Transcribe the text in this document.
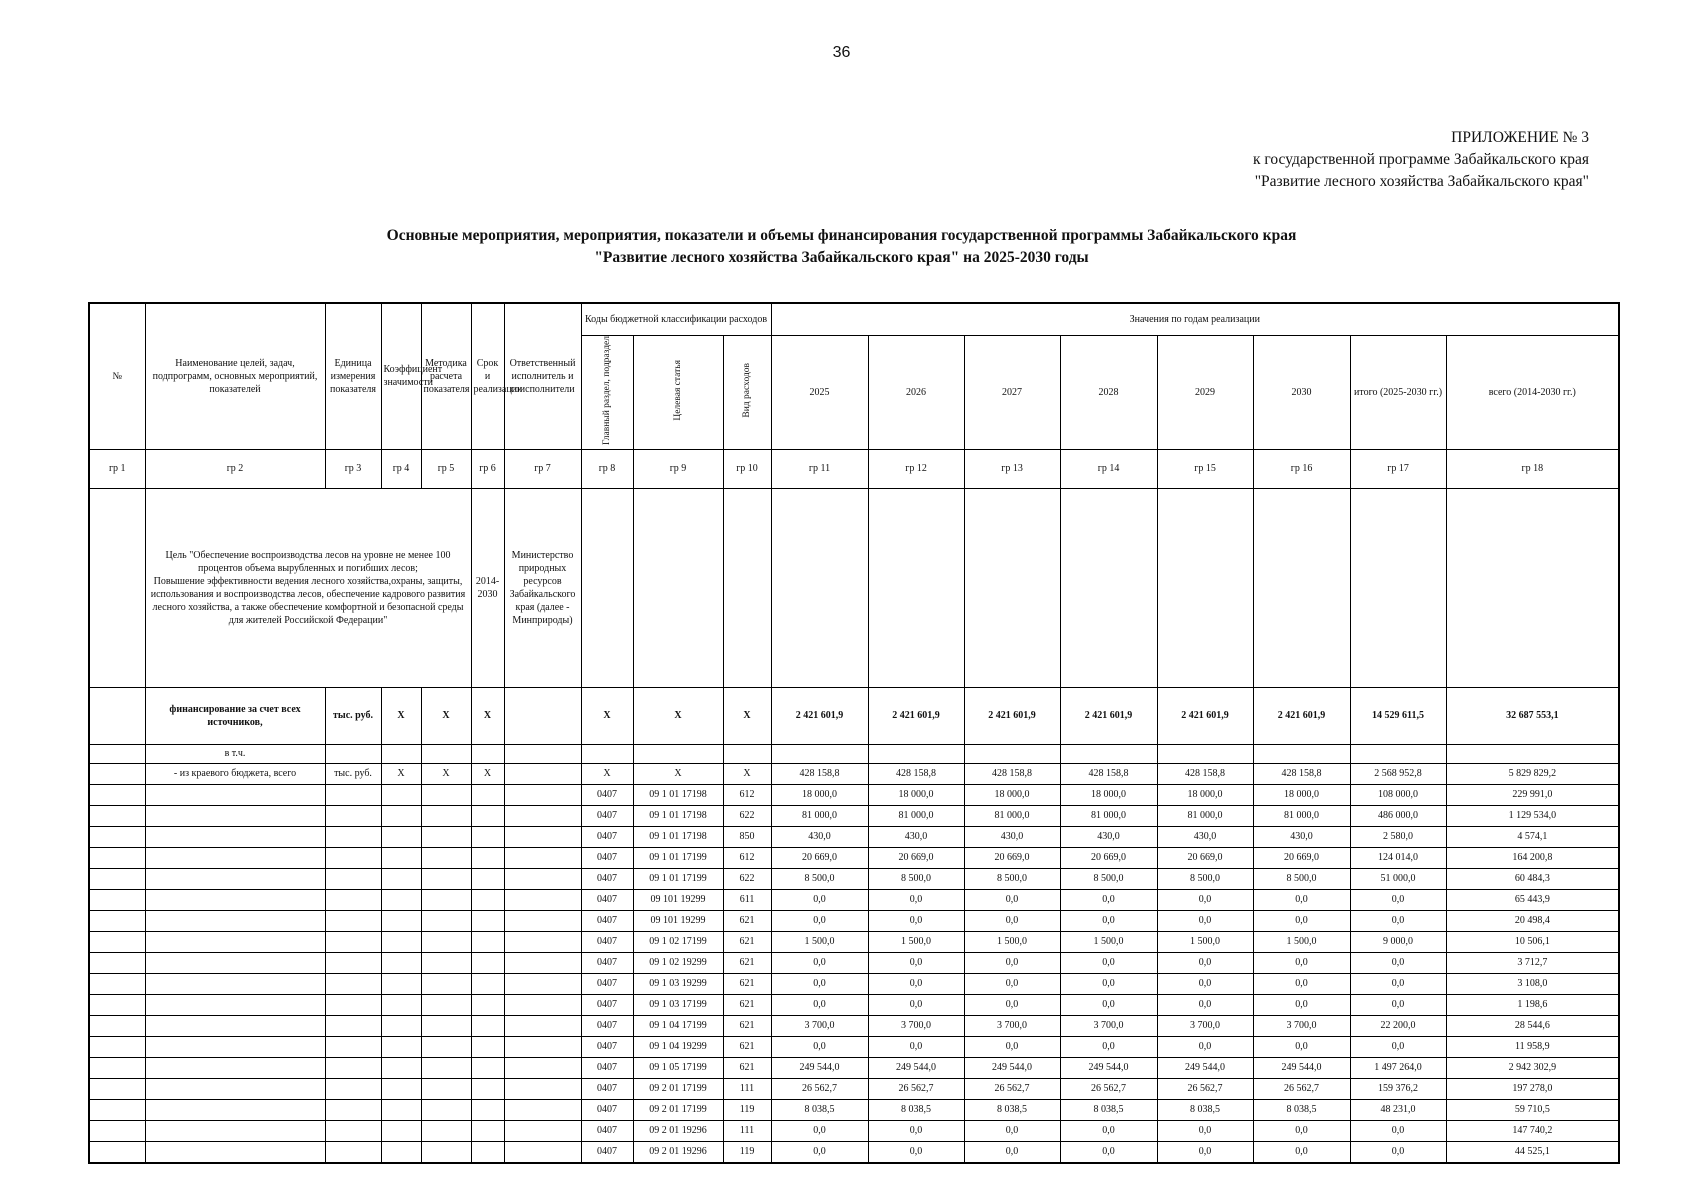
36
ПРИЛОЖЕНИЕ № 3
к государственной программе Забайкальского края
"Развитие лесного хозяйства Забайкальского края"
Основные мероприятия, мероприятия, показатели и объемы финансирования государственной программы Забайкальского края
"Развитие лесного хозяйства Забайкальского края" на 2025-2030 годы
№	Наименование целей, задач, подпрограмм, основных мероприятий, показателей	Единица измерения показателя	Коэффициент значимости	Методика расчета показателя	Срок и реализации	Ответственный исполнитель и соисполнители	Коды бюджетной классификации расходов			Значения по годам реализации							
							Главный раздел, подраздел	Целевая статья	Вид расходов	2025	2026	2027	2028	2029	2030	итого (2025-2030 гг.)	всего (2014-2030 гг.)
гр 1	гр 2	гр 3	гр 4	гр 5	гр 6	гр 7	гр 8	гр 9	гр 10	гр 11	гр 12	гр 13	гр 14	гр 15	гр 16	гр 17	гр 18

	Цель "Обеспечение воспроизводства лесов на уровне не менее 100 процентов объема вырубленных и погибших лесов;
Повышение эффективности ведения лесного хозяйства,охраны, защиты, использования и воспроизводства лесов, обеспечение кадрового развития лесного хозяйства, а также обеспечение комфортной и безопасной среды для жителей Российской Федерации"				2014-2030	Министерство природных ресурсов Забайкальского края (далее - Минприроды)											
	финансирование за счет всех источников,	тыс. руб.	Х	Х	Х		Х	Х	Х	2 421 601,9	2 421 601,9	2 421 601,9	2 421 601,9	2 421 601,9	2 421 601,9	14 529 611,5	32 687 553,1
	в т.ч.																
	- из краевого бюджета, всего	тыс. руб.	Х	Х	Х		Х	Х	Х	428 158,8	428 158,8	428 158,8	428 158,8	428 158,8	428 158,8	2 568 952,8	5 829 829,2
							0407	09 1 01 17198	612	18 000,0	18 000,0	18 000,0	18 000,0	18 000,0	18 000,0	108 000,0	229 991,0
							0407	09 1 01 17198	622	81 000,0	81 000,0	81 000,0	81 000,0	81 000,0	81 000,0	486 000,0	1 129 534,0
							0407	09 1 01 17198	850	430,0	430,0	430,0	430,0	430,0	430,0	2 580,0	4 574,1
							0407	09 1 01 17199	612	20 669,0	20 669,0	20 669,0	20 669,0	20 669,0	20 669,0	124 014,0	164 200,8
							0407	09 1 01 17199	622	8 500,0	8 500,0	8 500,0	8 500,0	8 500,0	8 500,0	51 000,0	60 484,3
							0407	09 101 19299	611	0,0	0,0	0,0	0,0	0,0	0,0	0,0	65 443,9
							0407	09 101 19299	621	0,0	0,0	0,0	0,0	0,0	0,0	0,0	20 498,4
							0407	09 1 02 17199	621	1 500,0	1 500,0	1 500,0	1 500,0	1 500,0	1 500,0	9 000,0	10 506,1
							0407	09 1 02 19299	621	0,0	0,0	0,0	0,0	0,0	0,0	0,0	3 712,7
							0407	09 1 03 19299	621	0,0	0,0	0,0	0,0	0,0	0,0	0,0	3 108,0
							0407	09 1 03 17199	621	0,0	0,0	0,0	0,0	0,0	0,0	0,0	1 198,6
							0407	09 1 04 17199	621	3 700,0	3 700,0	3 700,0	3 700,0	3 700,0	3 700,0	22 200,0	28 544,6
							0407	09 1 04 19299	621	0,0	0,0	0,0	0,0	0,0	0,0	0,0	11 958,9
							0407	09 1 05 17199	621	249 544,0	249 544,0	249 544,0	249 544,0	249 544,0	249 544,0	1 497 264,0	2 942 302,9
							0407	09 2 01 17199	111	26 562,7	26 562,7	26 562,7	26 562,7	26 562,7	26 562,7	159 376,2	197 278,0
							0407	09 2 01 17199	119	8 038,5	8 038,5	8 038,5	8 038,5	8 038,5	8 038,5	48 231,0	59 710,5
							0407	09 2 01 19296	111	0,0	0,0	0,0	0,0	0,0	0,0	0,0	147 740,2
							0407	09 2 01 19296	119	0,0	0,0	0,0	0,0	0,0	0,0	0,0	44 525,1
